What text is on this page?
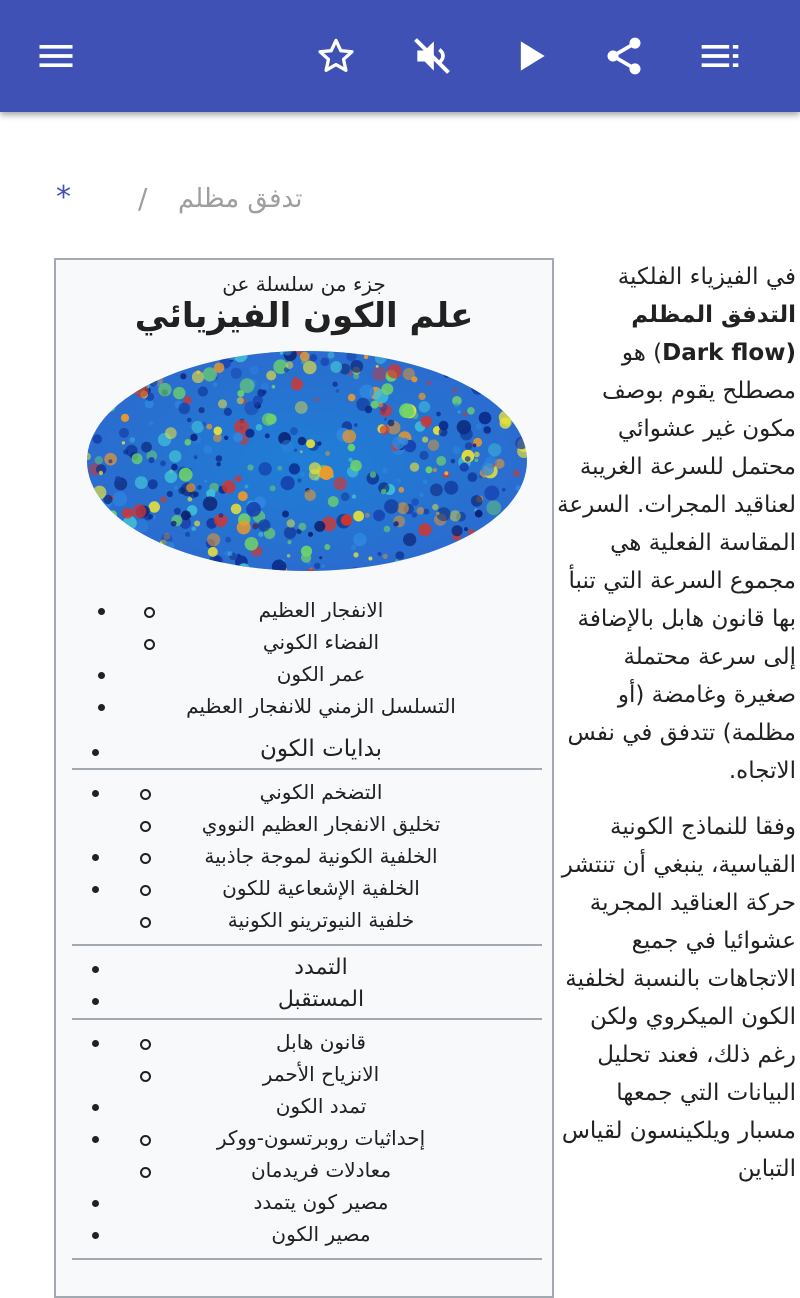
* / تدفق مظلم
جزء من سلسلة عن
علم الكون الفيزيائي
الانفجار العظيم
الفضاء الكوني
عمر الكون
التسلسل الزمني للانفجار العظيم
بدايات الكون
التضخم الكوني
تخليق الانفجار العظيم النووي
الخلفية الكونية لموجة جاذبية
الخلفية الإشعاعية للكون
خلفية النيوترينو الكونية
التمدد
المستقبل
قانون هابل
الانزياح الأحمر
تمدد الكون
إحداثيات روبرتسون-ووكر
معادلات فريدمان
مصير كون يتمدد
مصير الكون

في الفيزياء الفلكية التدفق المظلم (Dark flow) هو مصطلح يقوم بوصف مكون غير عشوائي محتمل للسرعة الغريبة لعناقيد المجرات. السرعة المقاسة الفعلية هي مجموع السرعة التي تنبأ بها قانون هابل بالإضافة إلى سرعة محتملة صغيرة وغامضة (أو مظلمة) تتدفق في نفس الاتجاه.

وفقا للنماذج الكونية القياسية، ينبغي أن تنتشر حركة العناقيد المجرية عشوائيا في جميع الاتجاهات بالنسبة لخلفية الكون الميكروي ولكن رغم ذلك، فعند تحليل البيانات التي جمعها مسبار ويلكينسون لقياس التباين
